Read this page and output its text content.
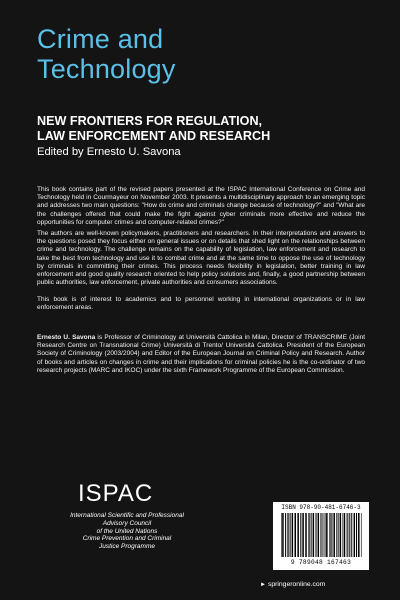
Crime and
Technology
NEW FRONTIERS FOR REGULATION,
LAW ENFORCEMENT AND RESEARCH
Edited by Ernesto U. Savona

This book contains part of the revised papers presented at the ISPAC International Conference on Crime and Technology held in Courmayeur on November 2003. It presents a multidisciplinary approach to an emerging topic and addresses two main questions: "How do crime and criminals change because of technology?" and "What are the challenges offered that could make the fight against cyber criminals more effective and reduce the opportunities for computer crimes and computer-related crimes?"

The authors are well-known policymakers, practitioners and researchers. In their interpretations and answers to the questions posed they focus either on general issues or on details that shed light on the relationships between crime and technology. The challenge remains on the capability of legislation, law enforcement and research to take the best from technology and use it to combat crime and at the same time to oppose the use of technology by criminals in committing their crimes. This process needs flexibility in legislation, better training in law enforcement and good quality research oriented to help policy solutions and, finally, a good partnership between public authorities, law enforcement, private authorities and consumers associations.

This book is of interest to academics and to personnel working in international organizations or in law enforcement areas.

Ernesto U. Savona is Professor of Criminology at Università Cattolica in Milan, Director of TRANSCRIME (Joint Research Centre on Transnational Crime) Università di Trento/ Università Cattolica. President of the European Society of Criminology (2003/2004) and Editor of the European Journal on Criminal Policy and Research. Author of books and articles on changes in crime and their implications for criminal policies he is the co-ordinator of two research projects (MARC and IKOC) under the sixth Framework Programme of the European Commission.

ISPAC
International Scientific and Professional
Advisory Council
of the United Nations
Crime Prevention and Criminal
Justice Programme
ISBN 978-90-481-6746-3
9 789048 167463
► springeronline.com
